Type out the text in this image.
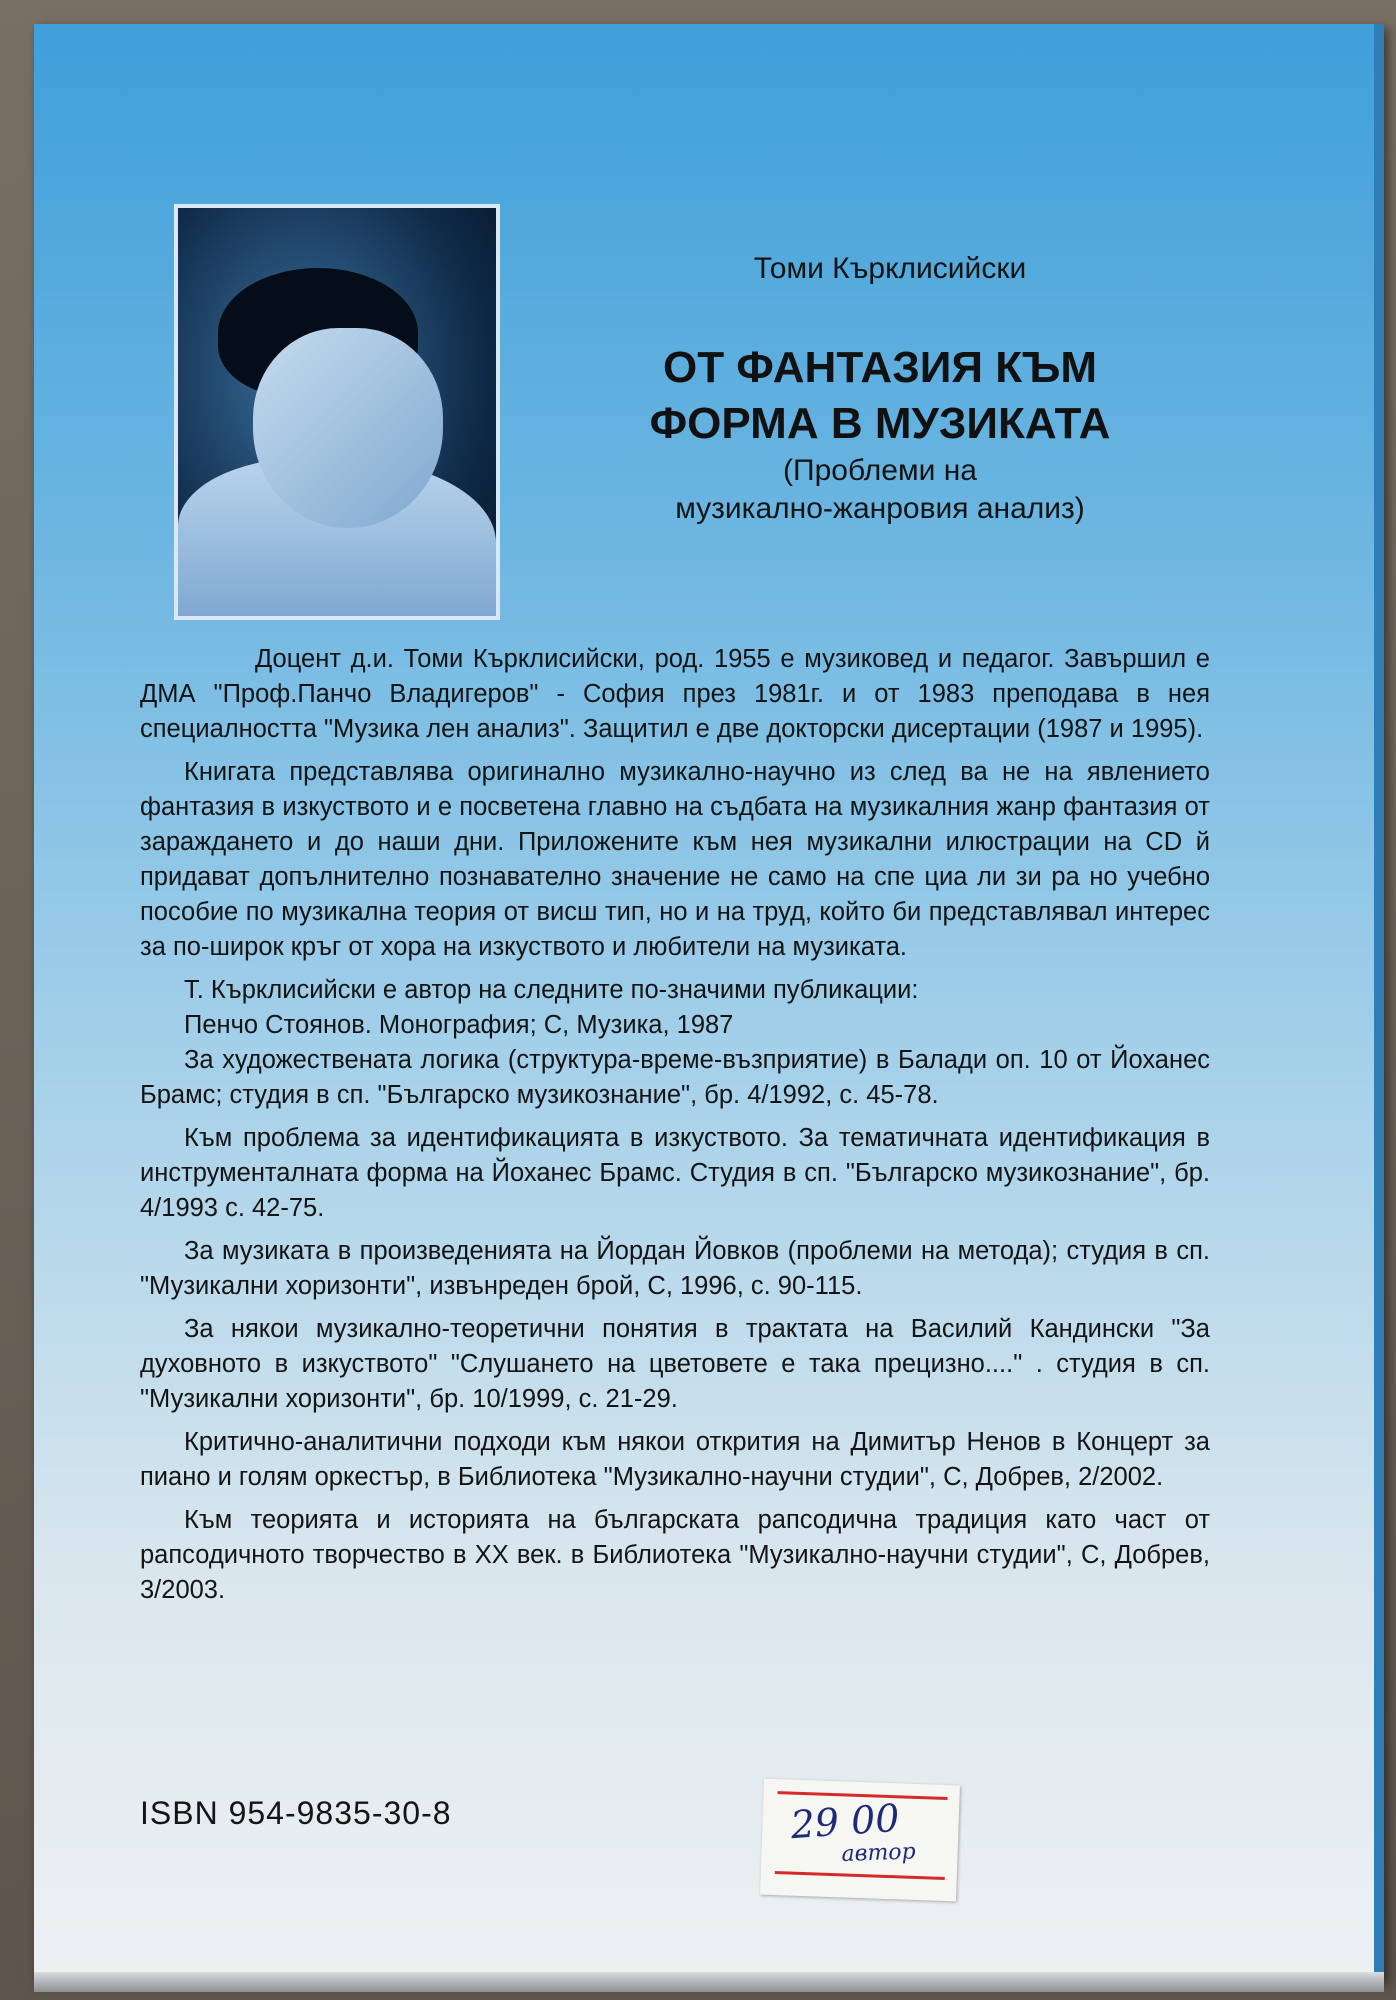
Томи Кърклисийски
ОТ ФАНТАЗИЯ КЪМ
ФОРМА В МУЗИКАТА
(Проблеми на
музикално-жанровия анализ)

Доцент д.и. Томи Кърклисийски, род. 1955 е музиковед и педагог. Завършил е ДМА "Проф.Панчо Владигеров" - София през 1981г. и от 1983 преподава в нея специалността "Музика лен анализ". Защитил е две докторски дисертации (1987 и 1995).

Книгата представлява оригинално музикално-научно из след ва не на явлението фантазия в изкуството и е посветена главно на съдбата на музикалния жанр фантазия от зараждането и до наши дни. Приложените към нея музикални илюстрации на CD й придават допълнително познавателно значение не само на спе циа ли зи ра но учебно пособие по музикална теория от висш тип, но и на труд, който би представлявал интерес за по-широк кръг от хора на изкуството и любители на музиката.

Т. Кърклисийски е автор на следните по-значими публикации:

Пенчо Стоянов. Монография; С, Музика, 1987

За художествената логика (структура-време-възприятие) в Балади оп. 10 от Йоханес Брамс; студия в сп. "Българско музикознание", бр. 4/1992, с. 45-78.

Към проблема за идентификацията в изкуството. За тематичната идентификация в инструменталната форма на Йоханес Брамс. Студия в сп. "Българско музикознание", бр. 4/1993 с. 42-75.

За музиката в произведенията на Йордан Йовков (проблеми на метода); студия в сп. "Музикални хоризонти", извънреден брой, С, 1996, с. 90-115.

За някои музикално-теоретични понятия в трактата на Василий Кандински "За духовното в изкуството" "Слушането на цветовете е така прецизно...." . студия в сп. "Музикални хоризонти", бр. 10/1999, с. 21-29.

Критично-аналитични подходи към някои открития на Димитър Ненов в Концерт за пиано и голям оркестър, в Библиотека "Музикално-научни студии", С, Добрев, 2/2002.

Към теорията и историята на българската рапсодична традиция като част от рапсодичното творчество в XX век. в Библиотека "Музикално-научни студии", С, Добрев, 3/2003.

ISBN 954-9835-30-8	29 00
автор
